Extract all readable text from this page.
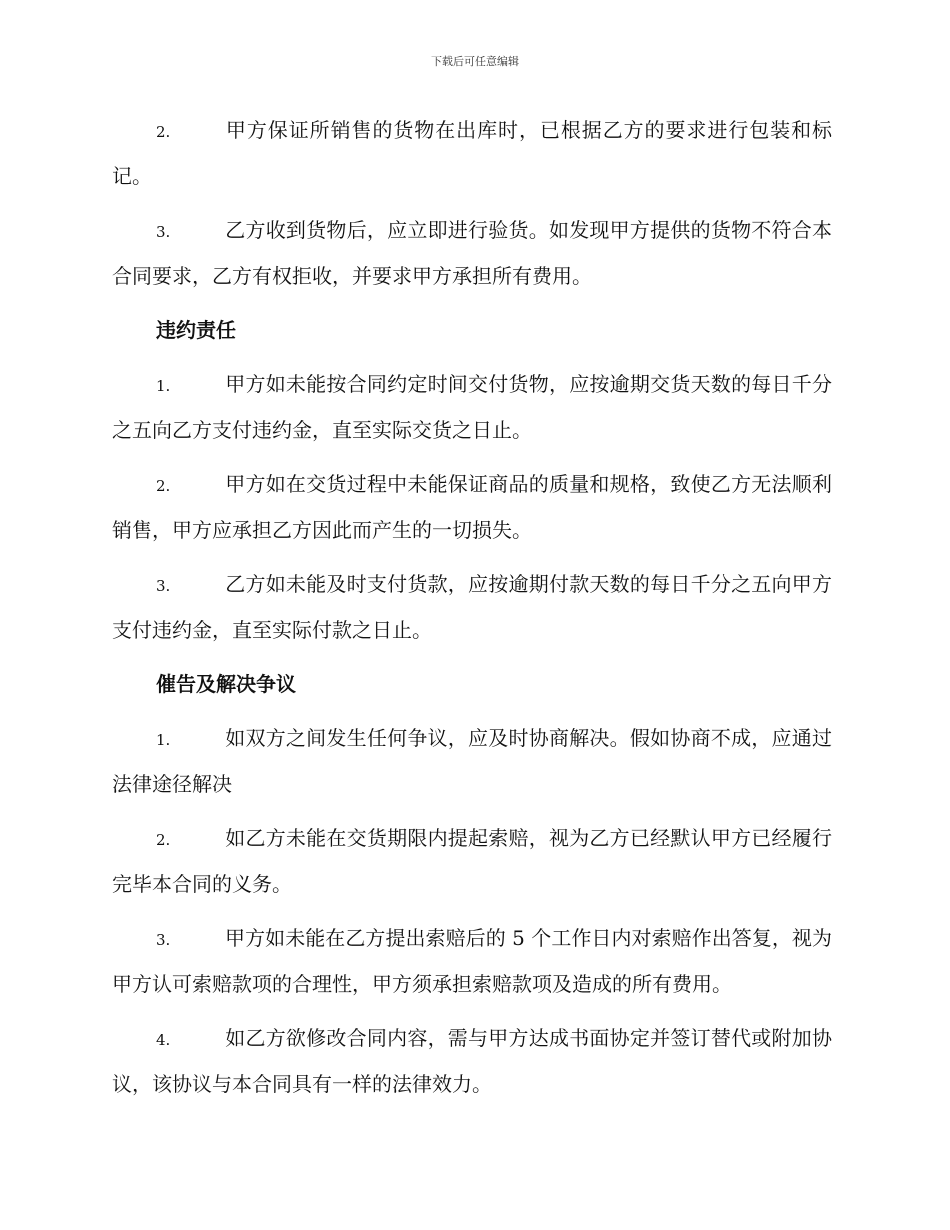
下载后可任意编辑

2.	甲方保证所销售的货物在出库时，已根据乙方的要求进行包装和标记。

3.	乙方收到货物后，应立即进行验货。如发现甲方提供的货物不符合本合同要求，乙方有权拒收，并要求甲方承担所有费用。

违约责任

1.	甲方如未能按合同约定时间交付货物，应按逾期交货天数的每日千分之五向乙方支付违约金，直至实际交货之日止。

2.	甲方如在交货过程中未能保证商品的质量和规格，致使乙方无法顺利销售，甲方应承担乙方因此而产生的一切损失。

3.	乙方如未能及时支付货款，应按逾期付款天数的每日千分之五向甲方支付违约金，直至实际付款之日止。

催告及解决争议

1.	如双方之间发生任何争议，应及时协商解决。假如协商不成，应通过法律途径解决

2.	如乙方未能在交货期限内提起索赔，视为乙方已经默认甲方已经履行完毕本合同的义务。

3.	甲方如未能在乙方提出索赔后的 5 个工作日内对索赔作出答复，视为甲方认可索赔款项的合理性，甲方须承担索赔款项及造成的所有费用。

4.	如乙方欲修改合同内容，需与甲方达成书面协定并签订替代或附加协议，该协议与本合同具有一样的法律效力。
